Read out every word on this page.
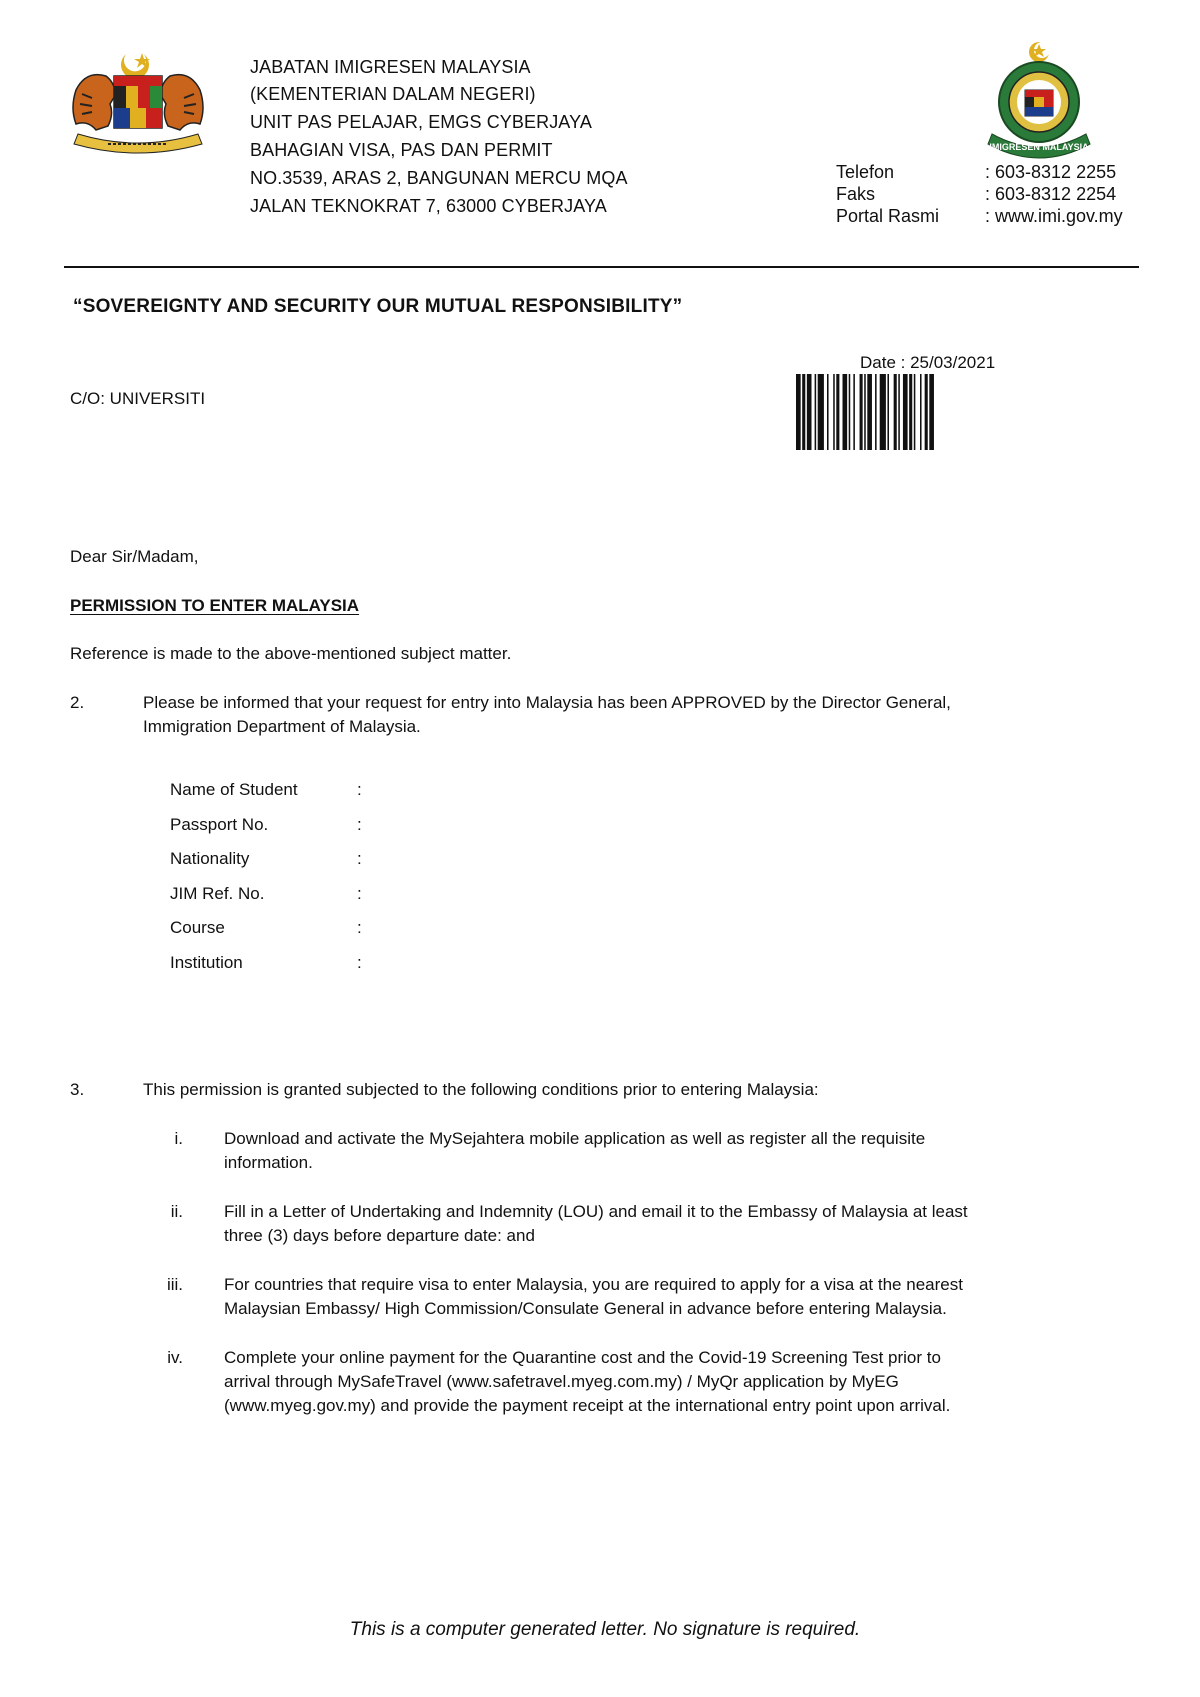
JABATAN IMIGRESEN MALAYSIA
(KEMENTERIAN DALAM NEGERI)
UNIT PAS PELAJAR, EMGS CYBERJAYA
BAHAGIAN VISA, PAS DAN PERMIT
NO.3539, ARAS 2, BANGUNAN MERCU MQA
JALAN TEKNOKRAT 7, 63000 CYBERJAYA
IMIGRESEN MALAYSIA
Telefon	: 603-8312 2255
Faks	: 603-8312 2254
Portal Rasmi	: www.imi.gov.my
“SOVEREIGNTY AND SECURITY OUR MUTUAL RESPONSIBILITY”
Date : 25/03/2021
C/O: UNIVERSITI
Dear Sir/Madam,
PERMISSION TO ENTER MALAYSIA
Reference is made to the above-mentioned subject matter.
2.	Please be informed that your request for entry into Malaysia has been APPROVED by the Director General,
Immigration Department of Malaysia.
Name of Student	:
Passport No.	:
Nationality	:
JIM Ref. No.	:
Course	:
Institution	:
3.	This permission is granted subjected to the following conditions prior to entering Malaysia:
i. Download and activate the MySejahtera mobile application as well as register all the requisite
information.
ii. Fill in a Letter of Undertaking and Indemnity (LOU) and email it to the Embassy of Malaysia at least
three (3) days before departure date: and
iii. For countries that require visa to enter Malaysia, you are required to apply for a visa at the nearest
Malaysian Embassy/ High Commission/Consulate General in advance before entering Malaysia.
iv. Complete your online payment for the Quarantine cost and the Covid-19 Screening Test prior to
arrival through MySafeTravel (www.safetravel.myeg.com.my) / MyQr application by MyEG
(www.myeg.gov.my) and provide the payment receipt at the international entry point upon arrival.
This is a computer generated letter. No signature is required.
